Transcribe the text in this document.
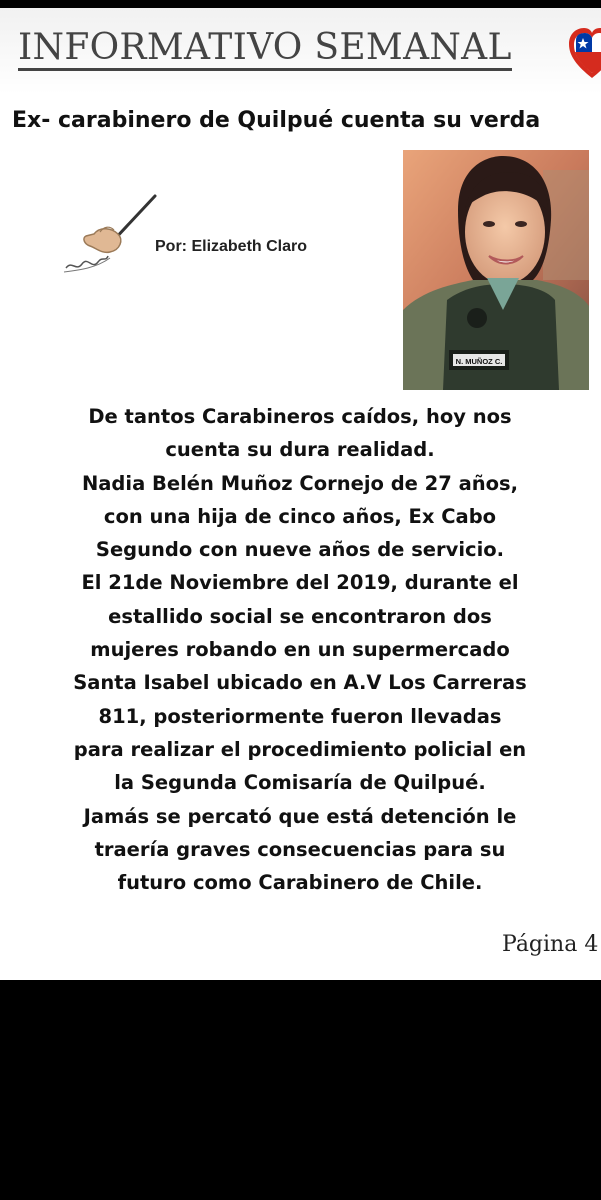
INFORMATIVO SEMANAL
Ex- carabinero de Quilpué cuenta su verda
Por: Elizabeth Claro
N. MUÑOZ C.

De tantos Carabineros caídos, hoy nos

cuenta su dura realidad.

Nadia Belén Muñoz Cornejo de 27 años,

con una hija de cinco años, Ex Cabo

Segundo con nueve años de servicio.

El 21de Noviembre del 2019, durante el

estallido social se encontraron dos

mujeres robando en un supermercado

Santa Isabel ubicado en A.V Los Carreras

811, posteriormente fueron llevadas

para realizar el procedimiento policial en

la Segunda Comisaría de Quilpué.

Jamás se percató que está detención le

traería graves consecuencias para su

futuro como Carabinero de Chile.

Página 4
